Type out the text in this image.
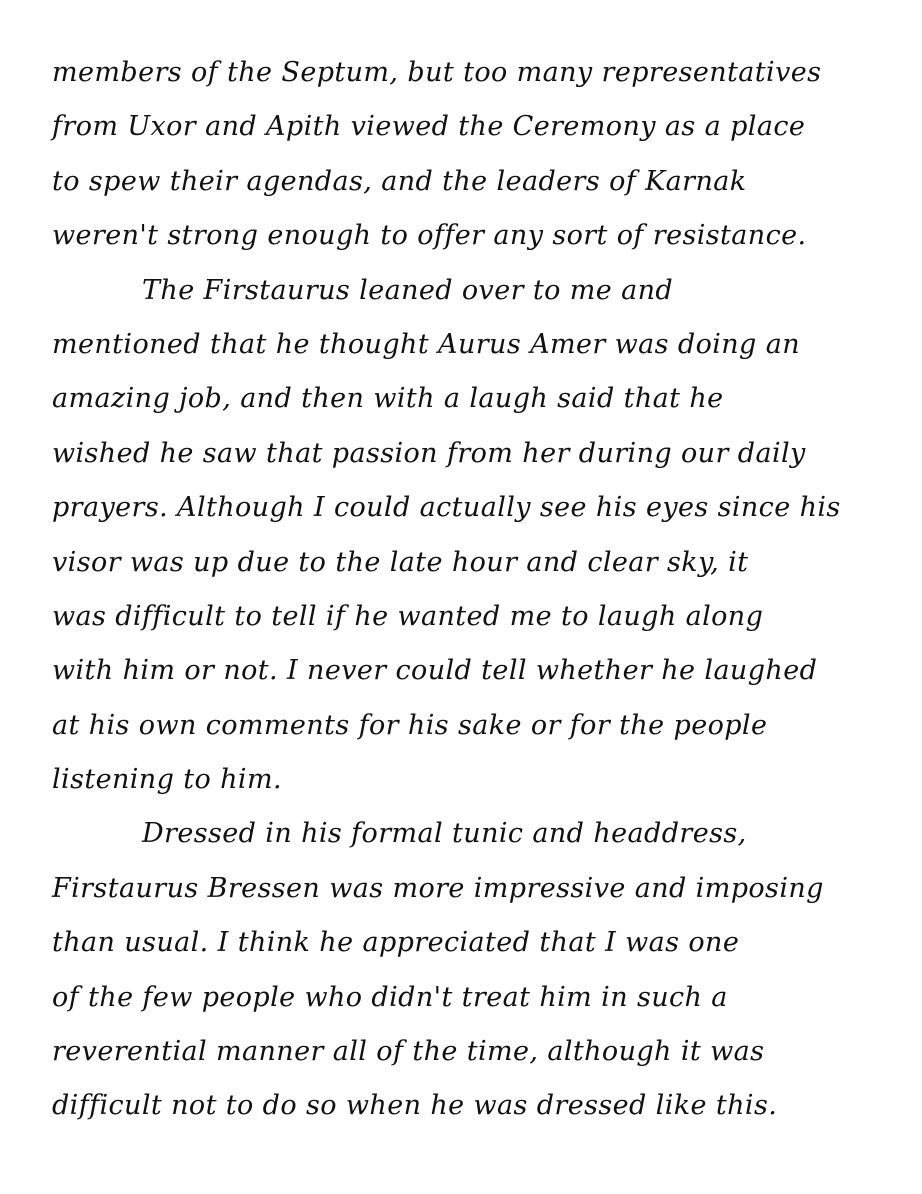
members of the Septum, but too many representatives
from Uxor and Apith viewed the Ceremony as a place
to spew their agendas, and the leaders of Karnak
weren't strong enough to offer any sort of resistance.
The Firstaurus leaned over to me and
mentioned that he thought Aurus Amer was doing an
amazing job, and then with a laugh said that he
wished he saw that passion from her during our daily
prayers. Although I could actually see his eyes since his
visor was up due to the late hour and clear sky, it
was difficult to tell if he wanted me to laugh along
with him or not. I never could tell whether he laughed
at his own comments for his sake or for the people
listening to him.
Dressed in his formal tunic and headdress,
Firstaurus Bressen was more impressive and imposing
than usual. I think he appreciated that I was one
of the few people who didn't treat him in such a
reverential manner all of the time, although it was
difficult not to do so when he was dressed like this.
